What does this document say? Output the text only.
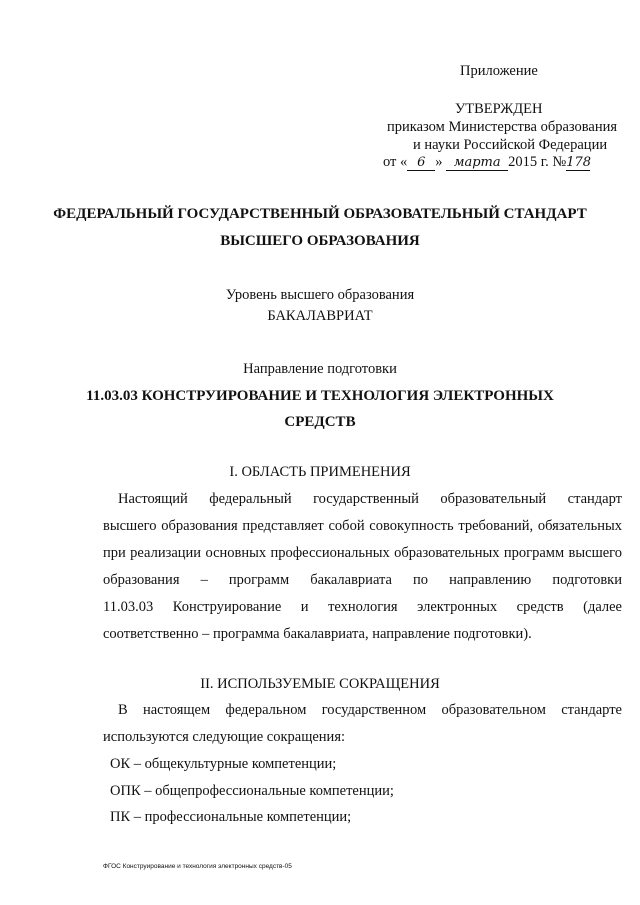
Приложение
УТВЕРЖДЕН
приказом Министерства образования
и науки Российской Федерации
от « 6 » марта 2015 г. №178
ФЕДЕРАЛЬНЫЙ ГОСУДАРСТВЕННЫЙ ОБРАЗОВАТЕЛЬНЫЙ СТАНДАРТ
ВЫСШЕГО ОБРАЗОВАНИЯ
Уровень высшего образования
БАКАЛАВРИАТ
Направление подготовки
11.03.03 КОНСТРУИРОВАНИЕ И ТЕХНОЛОГИЯ ЭЛЕКТРОННЫХ
СРЕДСТВ
I. ОБЛАСТЬ ПРИМЕНЕНИЯ
Настоящий федеральный государственный образовательный стандарт
высшего образования представляет собой совокупность требований, обязательных
при реализации основных профессиональных образовательных программ высшего
образования – программ бакалавриата по направлению подготовки
11.03.03 Конструирование и технология электронных средств (далее
соответственно – программа бакалавриата, направление подготовки).
II. ИСПОЛЬЗУЕМЫЕ СОКРАЩЕНИЯ
В настоящем федеральном государственном образовательном стандарте
используются следующие сокращения:
ОК – общекультурные компетенции;
ОПК – общепрофессиональные компетенции;
ПК – профессиональные компетенции;
ФГОС Конструирование и технология электронных средств-05
